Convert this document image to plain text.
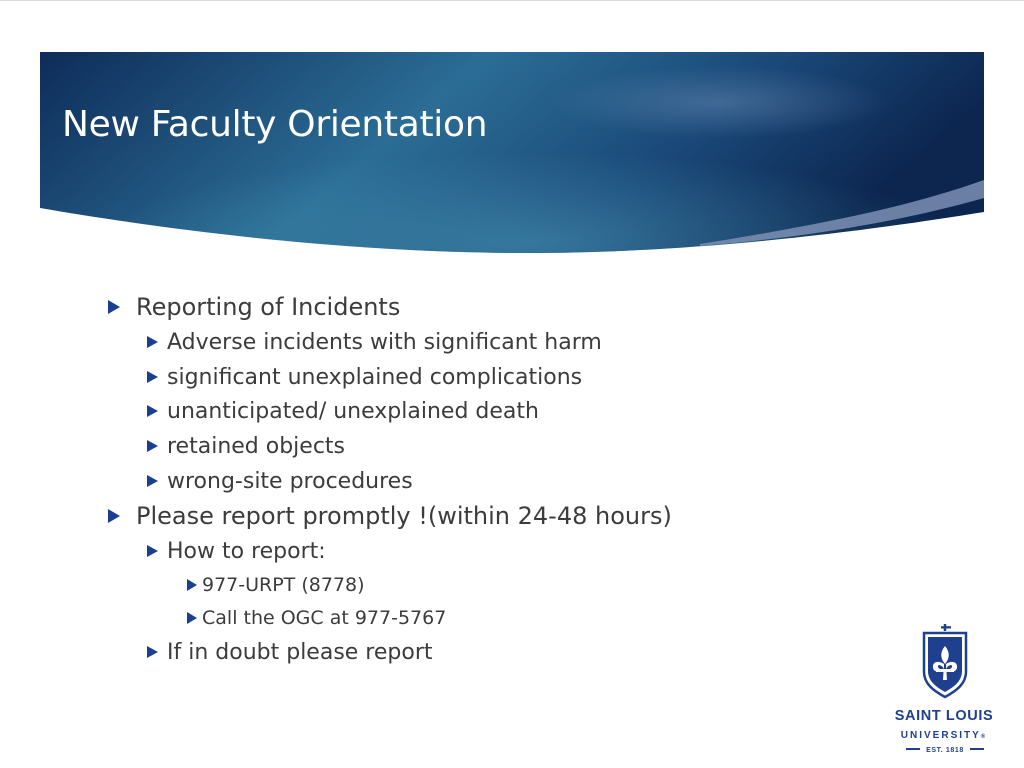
New Faculty Orientation
Reporting of Incidents
Adverse incidents with significant harm
significant unexplained complications
unanticipated/ unexplained death
retained objects
wrong-site procedures
Please report promptly !(within 24-48 hours)
How to report:
977-URPT (8778)
Call the OGC at 977-5767
If in doubt please report
SAINT LOUIS
UNIVERSITY®
EST. 1818
